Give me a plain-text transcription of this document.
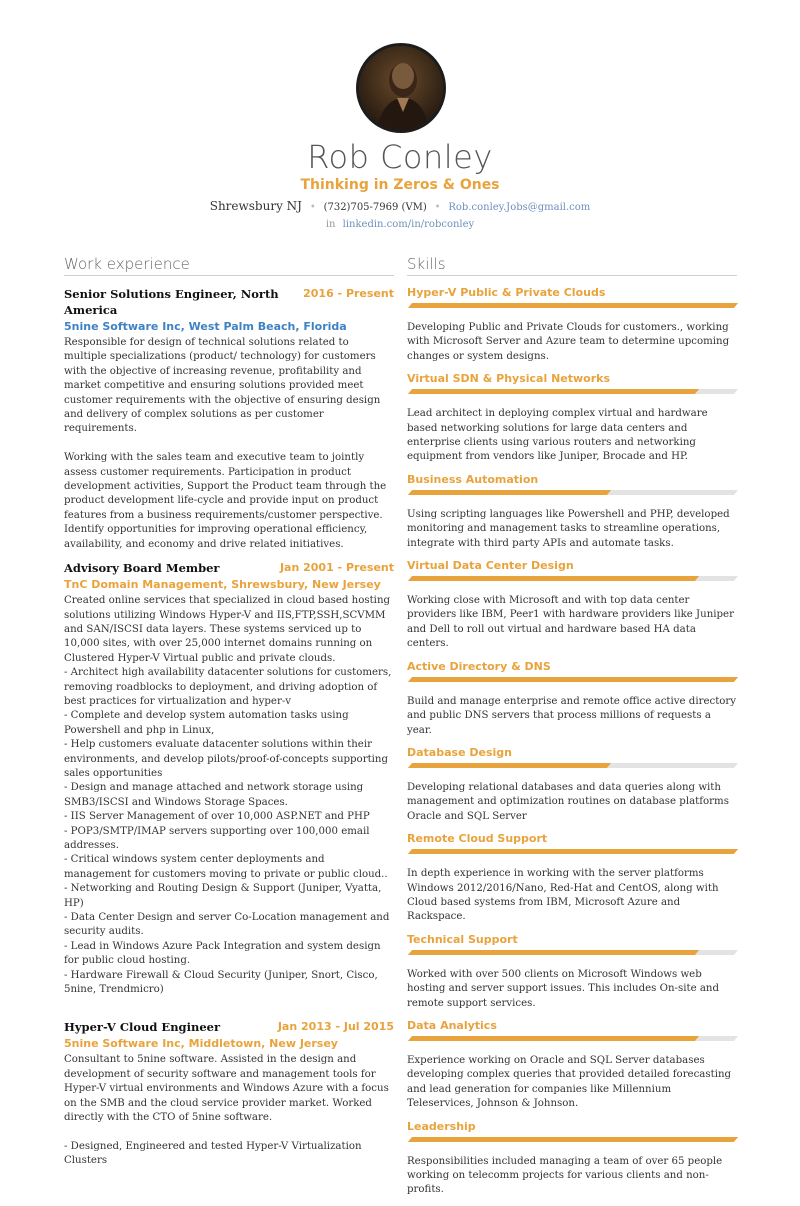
Rob Conley
Thinking in Zeros & Ones
Shrewsbury NJ • (732)705-7969 (VM) • Rob.conley.Jobs@gmail.com
in linkedin.com/in/robconley
Work experience	Skills
Senior Solutions Engineer, North America
2016 - Present
5nine Software Inc, West Palm Beach, Florida
Responsible for design of technical solutions related to multiple specializations (product/ technology) for customers with the objective of increasing revenue, profitability and market competitive and ensuring solutions provided meet customer requirements with the objective of ensuring design and delivery of complex solutions as per customer requirements.

Working with the sales team and executive team to jointly assess customer requirements. Participation in product development activities, Support the Product team through the product development life-cycle and provide input on product features from a business requirements/customer perspective. Identify opportunities for improving operational efficiency, availability, and economy and drive related initiatives.
Advisory Board Member	Jan 2001 - Present
TnC Domain Management, Shrewsbury, New Jersey
Created online services that specialized in cloud based hosting solutions utilizing Windows Hyper-V and IIS,FTP,SSH,SCVMM and SAN/ISCSI data layers. These systems serviced up to 10,000 sites, with over 25,000 internet domains running on Clustered Hyper-V Virtual public and private clouds.
- Architect high availability datacenter solutions for customers, removing roadblocks to deployment, and driving adoption of best practices for virtualization and hyper-v
- Complete and develop system automation tasks using Powershell and php in Linux,
- Help customers evaluate datacenter solutions within their environments, and develop pilots/proof-of-concepts supporting sales opportunities
- Design and manage attached and network storage using SMB3/ISCSI and Windows Storage Spaces.
- IIS Server Management of over 10,000 ASP.NET and PHP
- POP3/SMTP/IMAP servers supporting over 100,000 email addresses.
- Critical windows system center deployments and management for customers moving to private or public cloud..
- Networking and Routing Design & Support (Juniper, Vyatta, HP)
- Data Center Design and server Co-Location management and security audits.
- Lead in Windows Azure Pack Integration and system design for public cloud hosting.
- Hardware Firewall & Cloud Security (Juniper, Snort, Cisco, 5nine, Trendmicro)
Hyper-V Cloud Engineer	Jan 2013 - Jul 2015
5nine Software Inc, Middletown, New Jersey
Consultant to 5nine software. Assisted in the design and development of security software and management tools for Hyper-V virtual environments and Windows Azure with a focus on the SMB and the cloud service provider market. Worked directly with the CTO of 5nine software.

- Designed, Engineered and tested Hyper-V Virtualization Clusters
Hyper-V Public & Private Clouds
Developing Public and Private Clouds for customers., working with Microsoft Server and Azure team to determine upcoming changes or system designs.
Virtual SDN & Physical Networks
Lead architect in deploying complex virtual and hardware based networking solutions for large data centers and enterprise clients using various routers and networking equipment from vendors like Juniper, Brocade and HP.
Business Automation
Using scripting languages like Powershell and PHP, developed monitoring and management tasks to streamline operations, integrate with third party APIs and automate tasks.
Virtual Data Center Design
Working close with Microsoft and with top data center providers like IBM, Peer1 with hardware providers like Juniper and Dell to roll out virtual and hardware based HA data centers.
Active Directory & DNS
Build and manage enterprise and remote office active directory and public DNS servers that process millions of requests a year.
Database Design
Developing relational databases and data queries along with management and optimization routines on database platforms Oracle and SQL Server
Remote Cloud Support
In depth experience in working with the server platforms Windows 2012/2016/Nano, Red-Hat and CentOS, along with Cloud based systems from IBM, Microsoft Azure and Rackspace.
Technical Support
Worked with over 500 clients on Microsoft Windows web hosting and server support issues. This includes On-site and remote support services.
Data Analytics
Experience working on Oracle and SQL Server databases developing complex queries that provided detailed forecasting and lead generation for companies like Millennium Teleservices, Johnson & Johnson.
Leadership
Responsibilities included managing a team of over 65 people working on telecomm projects for various clients and non-profits.
